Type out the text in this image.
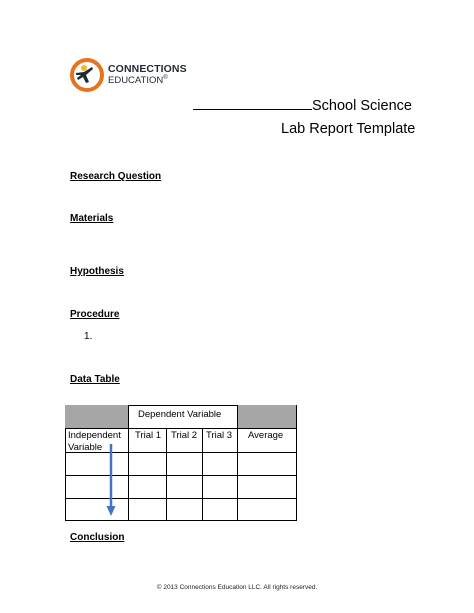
CONNECTIONS
EDUCATION®
School Science
Lab Report Template
Research Question
Materials
Hypothesis
Procedure
1.
Data Table
Dependent Variable
Independent
Variable
Trial 1 Trial 2 Trial 3 Average
Conclusion
© 2013 Connections Education LLC. All rights reserved.
